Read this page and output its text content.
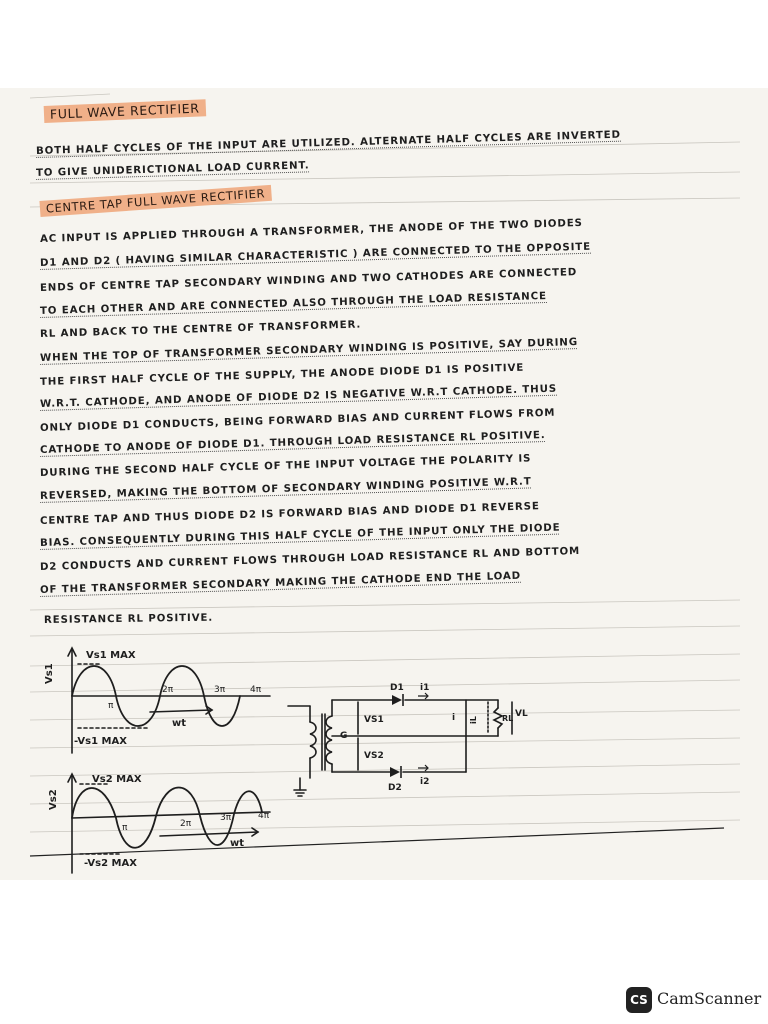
FULL WAVE RECTIFIER
CENTRE TAP FULL WAVE RECTIFIER
BOTH HALF CYCLES OF THE INPUT ARE UTILIZED. ALTERNATE HALF CYCLES ARE INVERTED
TO GIVE UNIDERICTIONAL LOAD CURRENT.
AC INPUT IS APPLIED THROUGH A TRANSFORMER, THE ANODE OF THE TWO DIODES
D1 AND D2 ( HAVING SIMILAR CHARACTERISTIC ) ARE CONNECTED TO THE OPPOSITE
ENDS OF CENTRE TAP SECONDARY WINDING AND TWO CATHODES ARE CONNECTED
TO EACH OTHER AND ARE CONNECTED ALSO THROUGH THE LOAD RESISTANCE
RL AND BACK TO THE CENTRE OF TRANSFORMER.
WHEN THE TOP OF TRANSFORMER SECONDARY WINDING IS POSITIVE, SAY DURING
THE FIRST HALF CYCLE OF THE SUPPLY, THE ANODE DIODE D1 IS POSITIVE
W.R.T. CATHODE, AND ANODE OF DIODE D2 IS NEGATIVE W.R.T CATHODE. THUS
ONLY DIODE D1 CONDUCTS, BEING FORWARD BIAS AND CURRENT FLOWS FROM
CATHODE TO ANODE OF DIODE D1. THROUGH LOAD RESISTANCE RL POSITIVE.
DURING THE SECOND HALF CYCLE OF THE INPUT VOLTAGE THE POLARITY IS
REVERSED, MAKING THE BOTTOM OF SECONDARY WINDING POSITIVE W.R.T
CENTRE TAP AND THUS DIODE D2 IS FORWARD BIAS AND DIODE D1 REVERSE
BIAS. CONSEQUENTLY DURING THIS HALF CYCLE OF THE INPUT ONLY THE DIODE
D2 CONDUCTS AND CURRENT FLOWS THROUGH LOAD RESISTANCE RL AND BOTTOM
OF THE TRANSFORMER SECONDARY MAKING THE CATHODE END THE LOAD
RESISTANCE RL POSITIVE.
Vs1
Vs1 MAX
-Vs1 MAX
π
2π	3π	4π
wt
Vs2
Vs2 MAX
-Vs2 MAX
π	2π
3π	4π
wt
D1 i1
D2
i2
VS1
VS2
G
iL
i	RL VL
CS CamScanner
